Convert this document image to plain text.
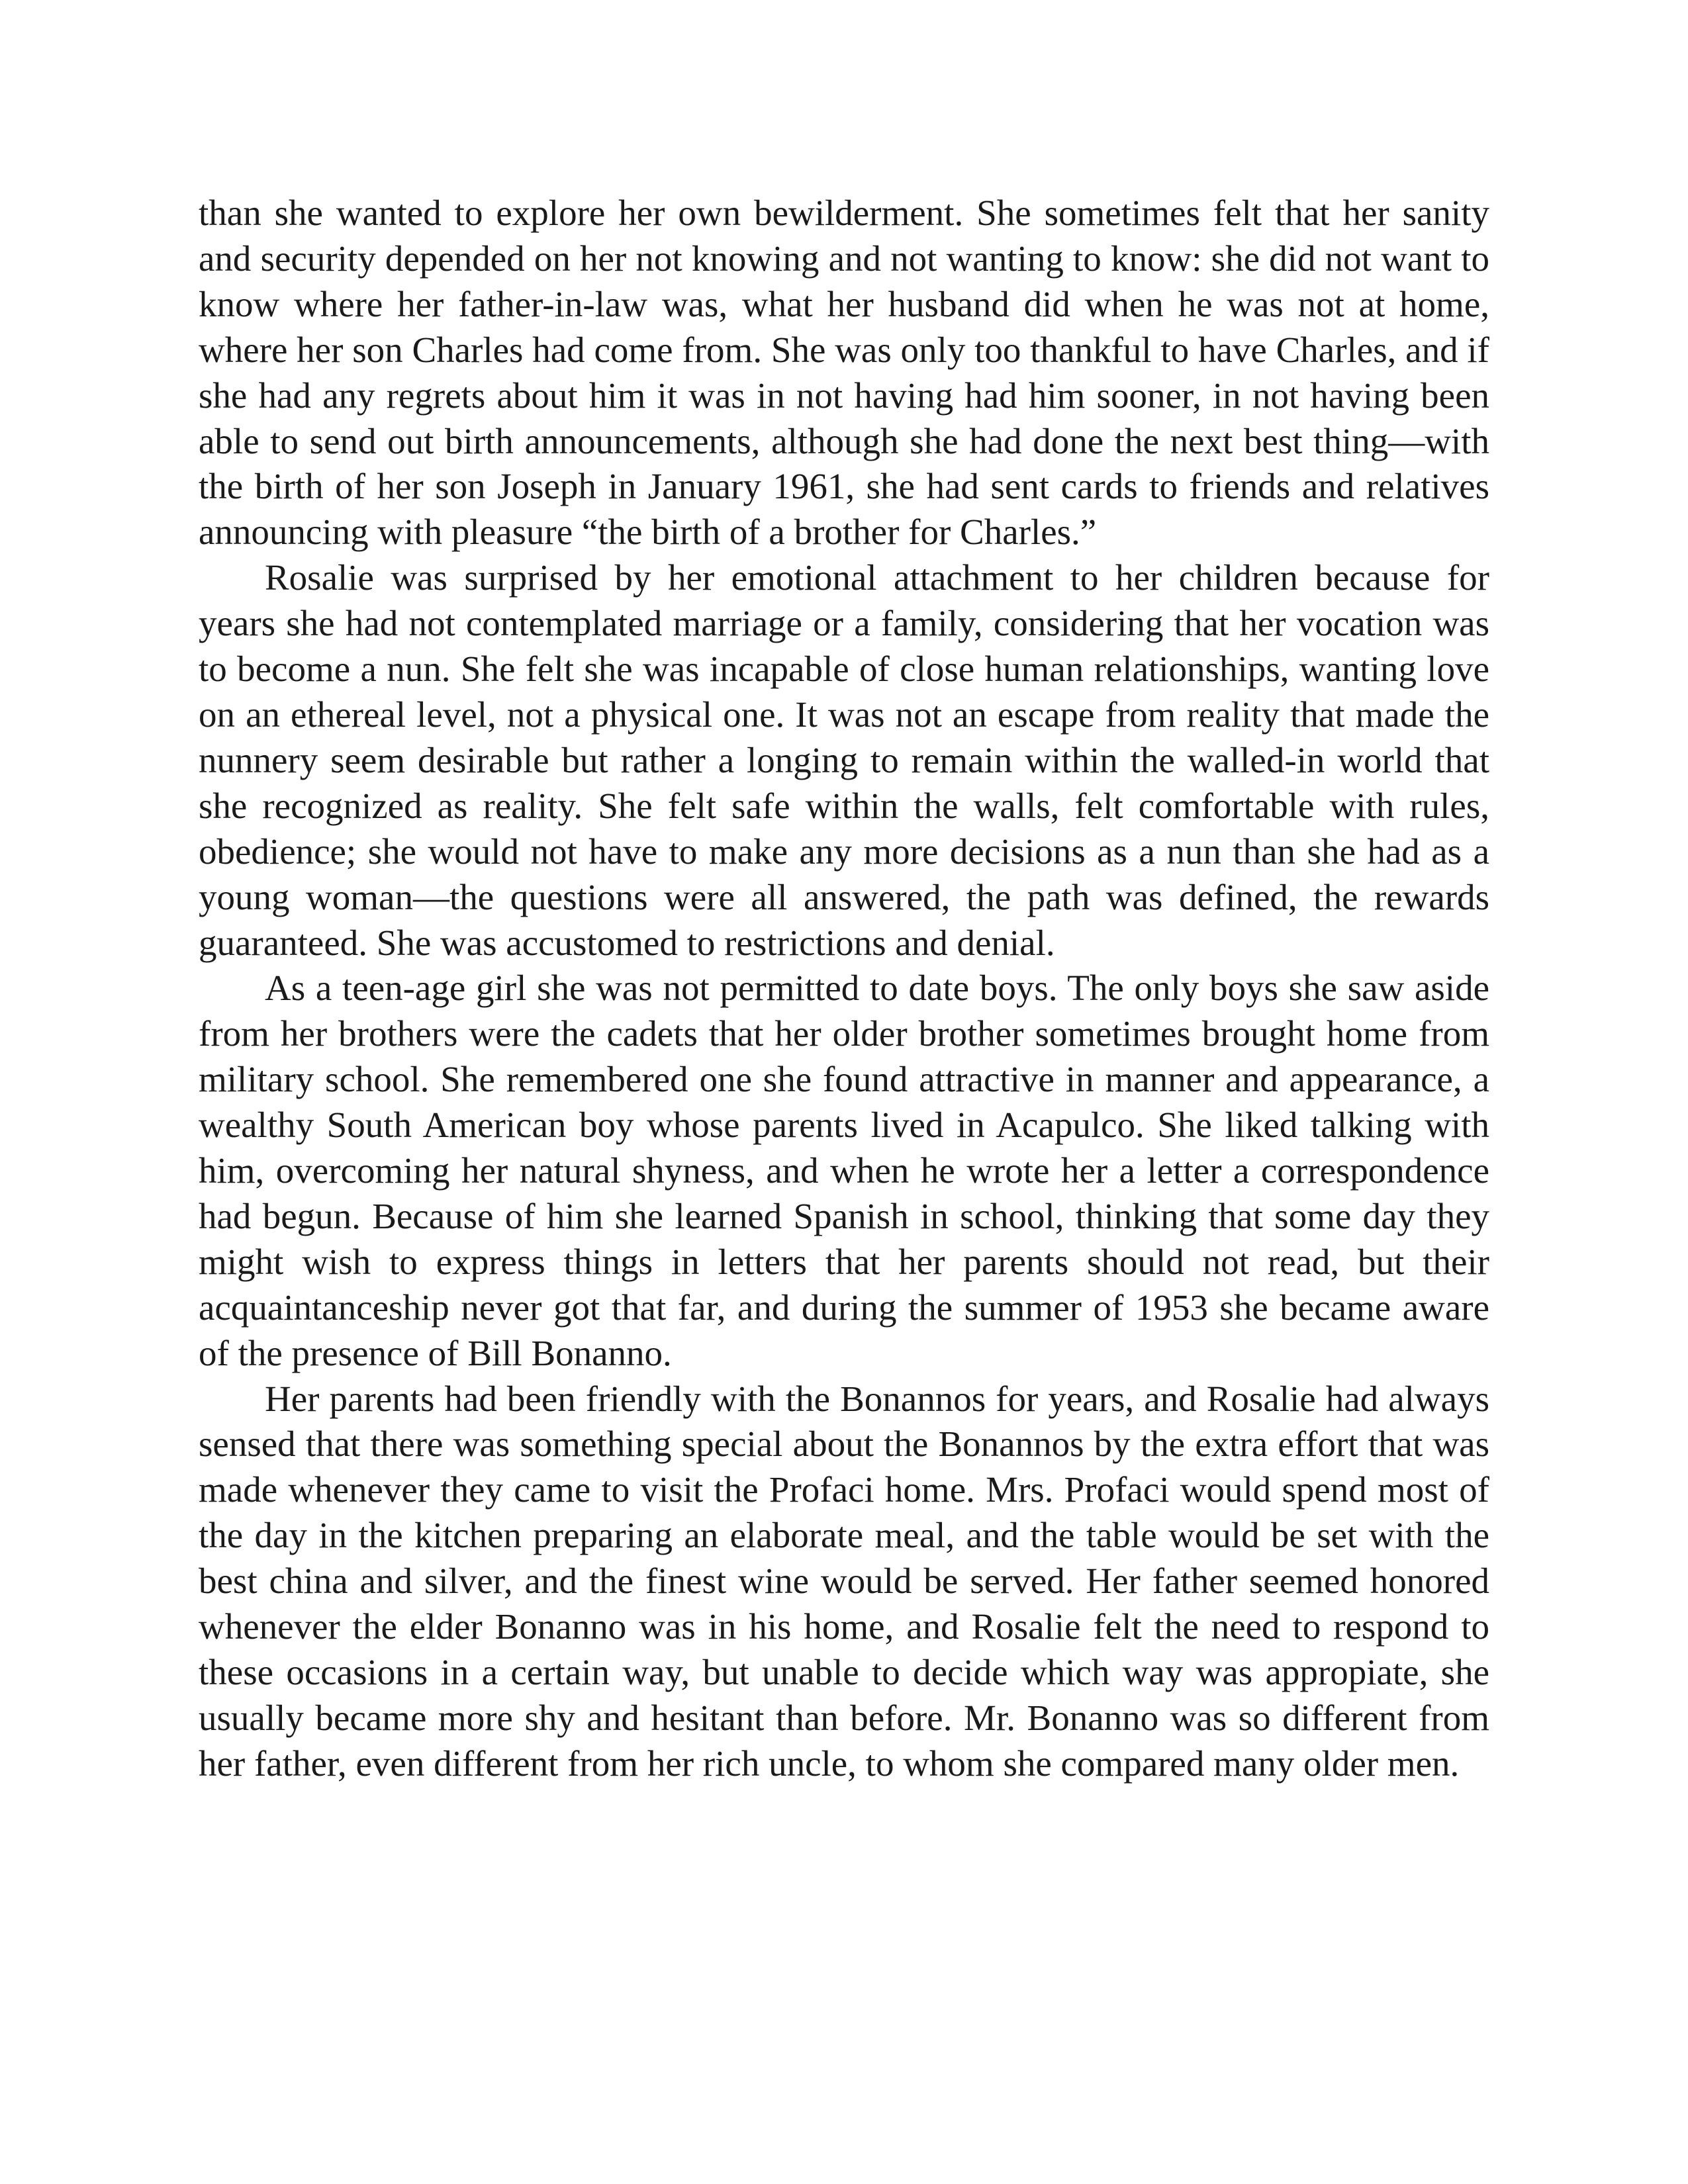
than she wanted to explore her own bewilderment. She sometimes felt that her sanity and security depended on her not knowing and not wanting to know: she did not want to know where her father-in-law was, what her husband did when he was not at home, where her son Charles had come from. She was only too thankful to have Charles, and if she had any regrets about him it was in not having had him sooner, in not having been able to send out birth announcements, although she had done the next best thing—with the birth of her son Joseph in January 1961, she had sent cards to friends and relatives announcing with pleasure “the birth of a brother for Charles.”

Rosalie was surprised by her emotional attachment to her children because for years she had not contemplated marriage or a family, considering that her vocation was to become a nun. She felt she was incapable of close human relationships, wanting love on an ethereal level, not a physical one. It was not an escape from reality that made the nunnery seem desirable but rather a longing to remain within the walled-in world that she recognized as reality. She felt safe within the walls, felt comfortable with rules, obedience; she would not have to make any more decisions as a nun than she had as a young woman—the questions were all answered, the path was defined, the rewards guaranteed. She was accustomed to restrictions and denial.

As a teen-age girl she was not permitted to date boys. The only boys she saw aside from her brothers were the cadets that her older brother sometimes brought home from military school. She remembered one she found attractive in manner and appearance, a wealthy South American boy whose parents lived in Acapulco. She liked talking with him, overcoming her natural shyness, and when he wrote her a letter a correspondence had begun. Because of him she learned Spanish in school, thinking that some day they might wish to express things in letters that her parents should not read, but their acquaintanceship never got that far, and during the summer of 1953 she became aware of the presence of Bill Bonanno.

Her parents had been friendly with the Bonannos for years, and Rosalie had always sensed that there was something special about the Bonannos by the extra effort that was made whenever they came to visit the Profaci home. Mrs. Profaci would spend most of the day in the kitchen preparing an elaborate meal, and the table would be set with the best china and silver, and the finest wine would be served. Her father seemed honored whenever the elder Bonanno was in his home, and Rosalie felt the need to respond to these occasions in a certain way, but unable to decide which way was appropiate, she usually became more shy and hesitant than before. Mr. Bonanno was so different from her father, even different from her rich uncle, to whom she compared many older men.
